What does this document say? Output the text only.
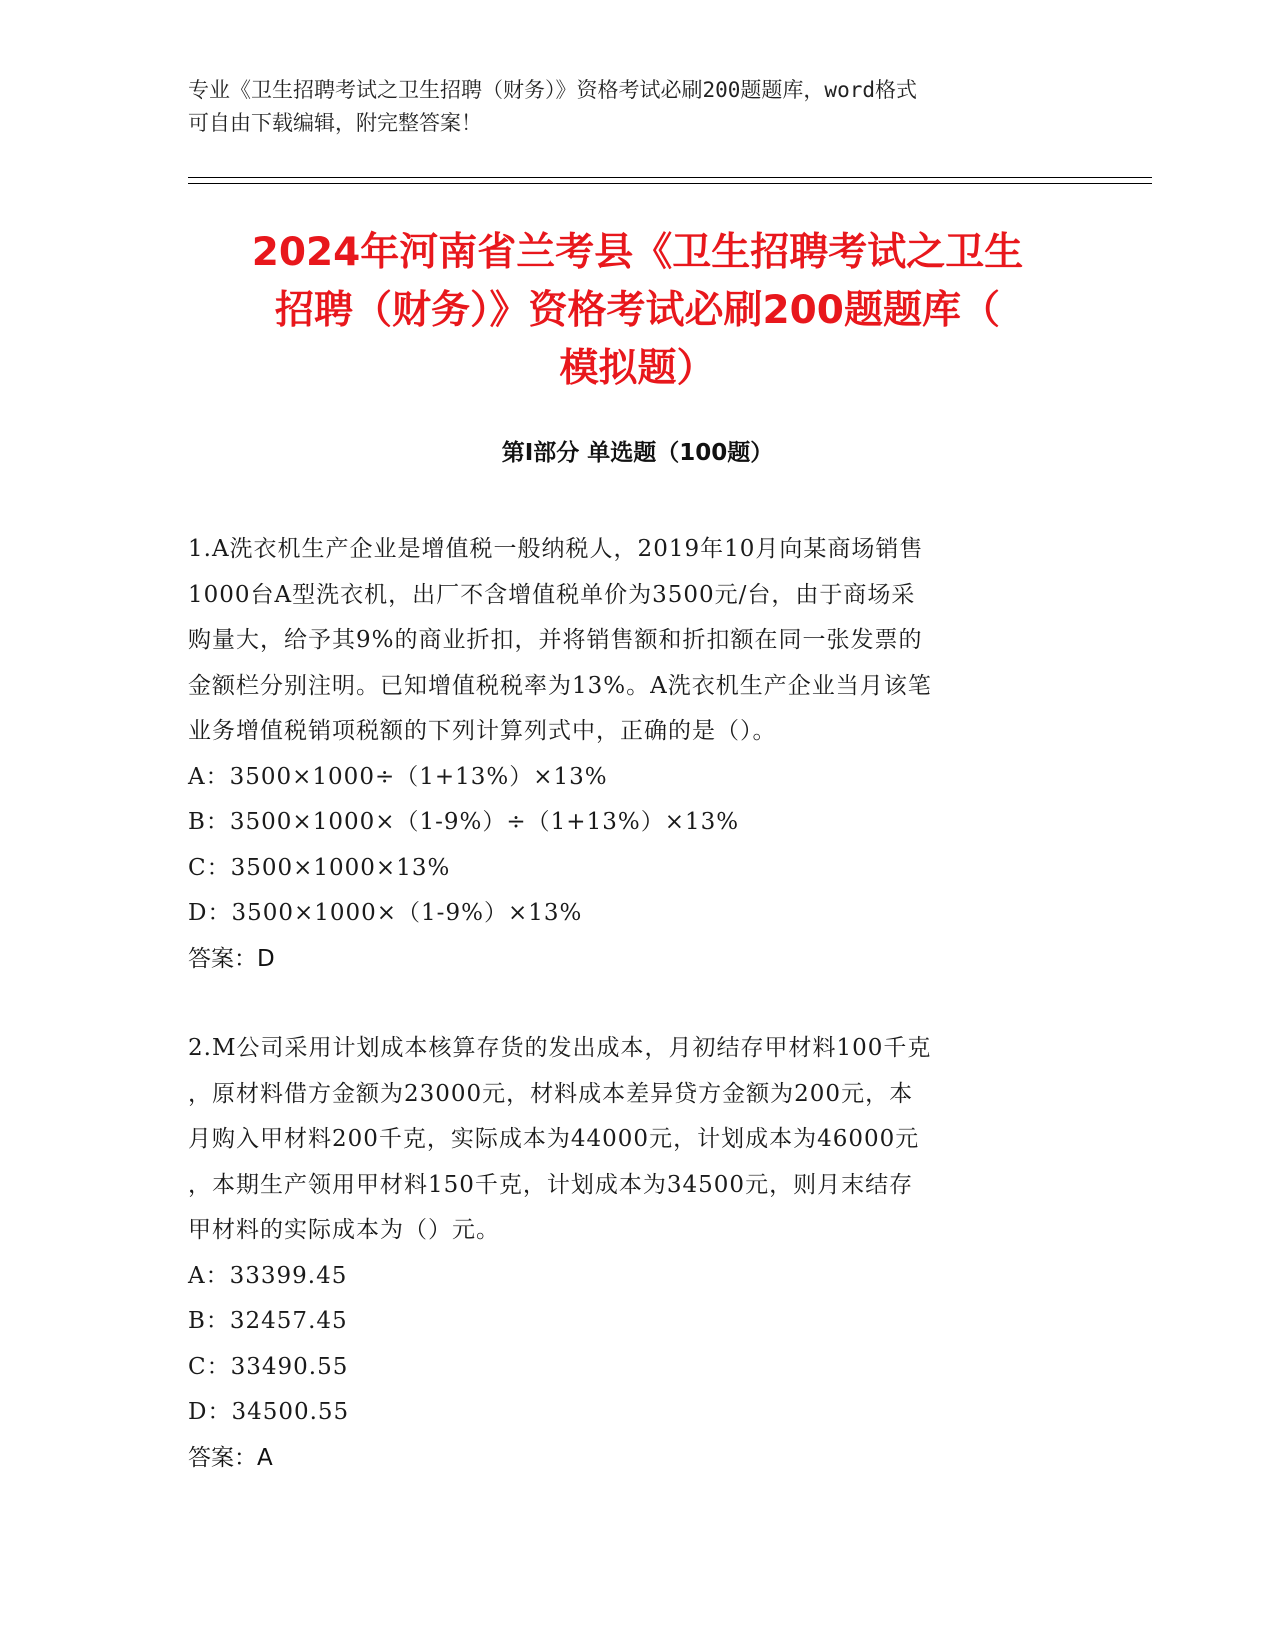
专业《卫生招聘考试之卫生招聘（财务）》资格考试必刷200题题库，word格式
可自由下载编辑，附完整答案！
2024年河南省兰考县《卫生招聘考试之卫生
招聘（财务）》资格考试必刷200题题库（
模拟题）
第Ⅰ部分 单选题（100题）
1.A洗衣机生产企业是增值税一般纳税人，2019年10月向某商场销售
1000台A型洗衣机，出厂不含增值税单价为3500元/台，由于商场采
购量大，给予其9%的商业折扣，并将销售额和折扣额在同一张发票的
金额栏分别注明。已知增值税税率为13%。A洗衣机生产企业当月该笔
业务增值税销项税额的下列计算列式中，正确的是（）。
A：3500×1000÷（1+13%）×13%
B：3500×1000×（1-9%）÷（1+13%）×13%
C：3500×1000×13%
D：3500×1000×（1-9%）×13%
答案：D
2.M公司采用计划成本核算存货的发出成本，月初结存甲材料100千克
，原材料借方金额为23000元，材料成本差异贷方金额为200元，本
月购入甲材料200千克，实际成本为44000元，计划成本为46000元
，本期生产领用甲材料150千克，计划成本为34500元，则月末结存
甲材料的实际成本为（）元。
A：33399.45
B：32457.45
C：33490.55
D：34500.55
答案：A
